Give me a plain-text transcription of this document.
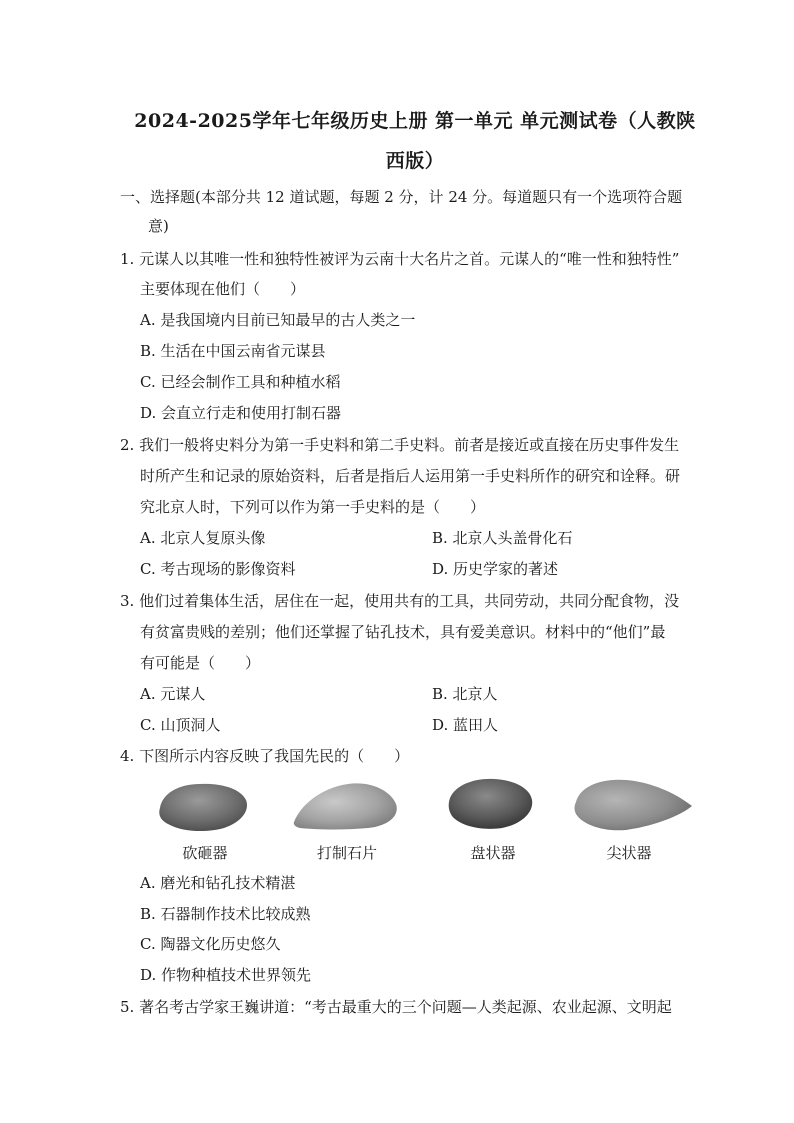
2024-2025学年七年级历史上册 第一单元 单元测试卷（人教陕
西版）
一、选择题(本部分共 12 道试题，每题 2 分，计 24 分。每道题只有一个选项符合题
意)
1. 元谋人以其唯一性和独特性被评为云南十大名片之首。元谋人的“唯一性和独特性”
主要体现在他们（　　）
A. 是我国境内目前已知最早的古人类之一
B. 生活在中国云南省元谋县
C. 已经会制作工具和种植水稻
D. 会直立行走和使用打制石器
2. 我们一般将史料分为第一手史料和第二手史料。前者是接近或直接在历史事件发生
时所产生和记录的原始资料，后者是指后人运用第一手史料所作的研究和诠释。研
究北京人时，下列可以作为第一手史料的是（　　）
A. 北京人复原头像	B. 北京人头盖骨化石
C. 考古现场的影像资料	D. 历史学家的著述
3. 他们过着集体生活，居住在一起，使用共有的工具，共同劳动，共同分配食物，没
有贫富贵贱的差别；他们还掌握了钻孔技术，具有爱美意识。材料中的“他们”最
有可能是（　　）
A. 元谋人	B. 北京人
C. 山顶洞人	D. 蓝田人
4. 下图所示内容反映了我国先民的（　　）
砍砸器	打制石片	盘状器	尖状器
A. 磨光和钻孔技术精湛
B. 石器制作技术比较成熟
C. 陶器文化历史悠久
D. 作物种植技术世界领先
5. 著名考古学家王巍讲道：“考古最重大的三个问题—人类起源、农业起源、文明起
